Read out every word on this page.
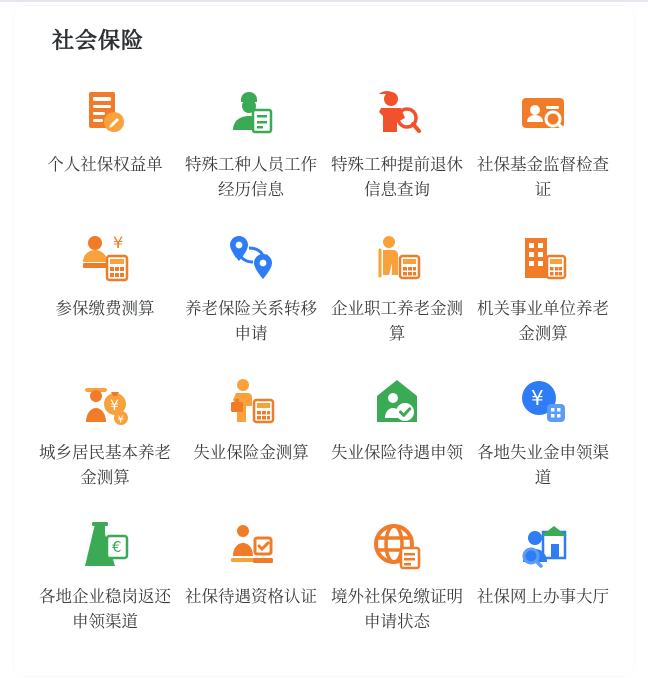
社会保险
个人社保权益单 特殊工种人员工作经历信息
特殊工种提前退休信息查询
社保基金监督检查证
¥
参保缴费测算 养老保险关系转移申请
企业职工养老金测算
机关事业单位养老金测算
¥
¥
城乡居民基本养老金测算
失业保险金测算 失业保险待遇申领
¥
各地失业金申领渠道
€
各地企业稳岗返还申领渠道
社保待遇资格认证 境外社保免缴证明申请状态
社保网上办事大厅
